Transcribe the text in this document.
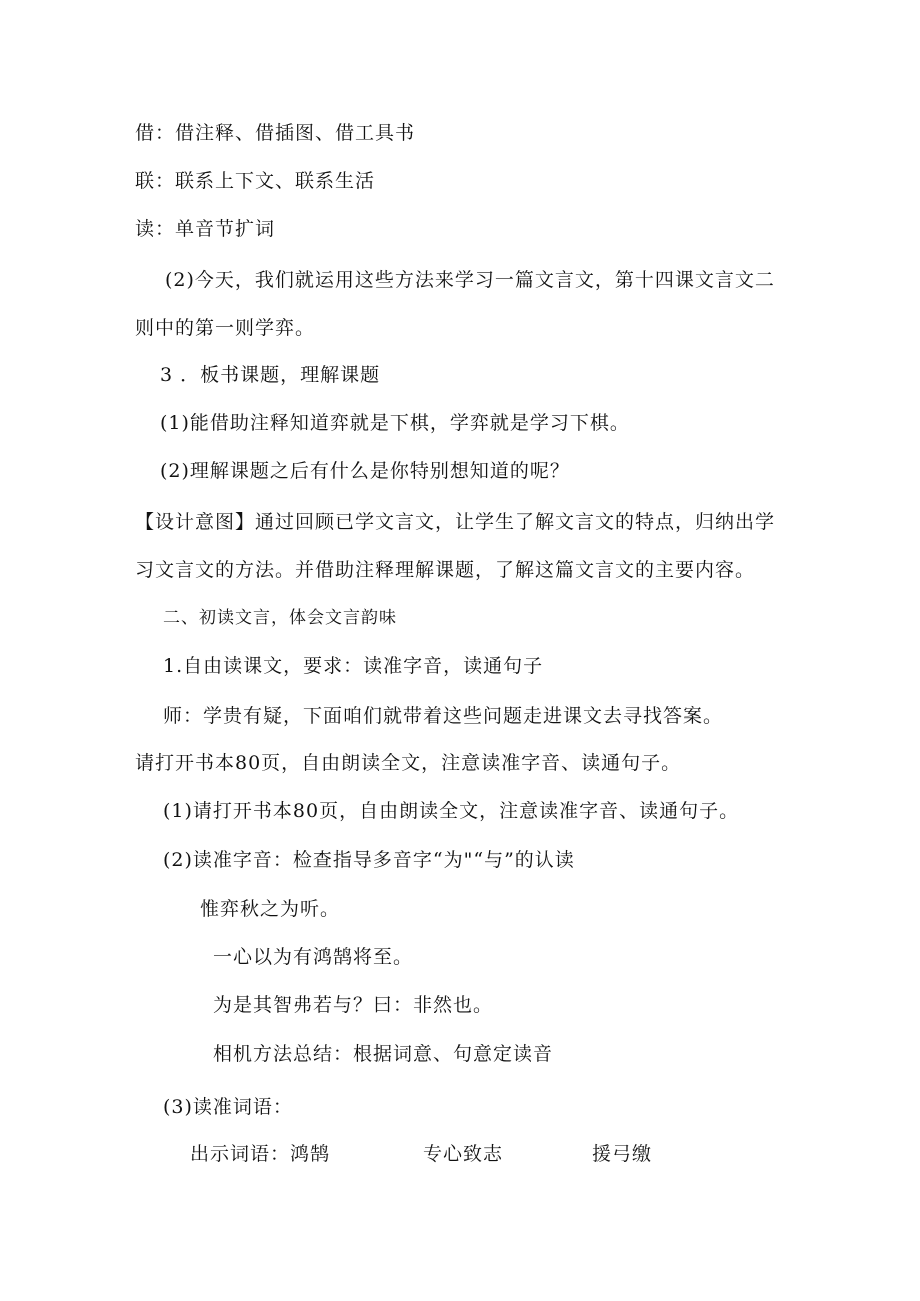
借：借注释、借插图、借工具书
联：联系上下文、联系生活
读：单音节扩词
(2)今天，我们就运用这些方法来学习一篇文言文，第十四课文言文二
则中的第一则学弈。
3 ．板书课题，理解课题
(1)能借助注释知道弈就是下棋，学弈就是学习下棋。
(2)理解课题之后有什么是你特别想知道的呢？
【设计意图】通过回顾已学文言文，让学生了解文言文的特点，归纳出学
习文言文的方法。并借助注释理解课题，了解这篇文言文的主要内容。
二、初读文言，体会文言韵味
1.自由读课文，要求：读准字音，读通句子
师：学贵有疑，下面咱们就带着这些问题走进课文去寻找答案。
请打开书本80页，自由朗读全文，注意读准字音、读通句子。
(1)请打开书本80页，自由朗读全文，注意读准字音、读通句子。
(2)读准字音：检查指导多音字“为"“与”的认读
惟弈秋之为听。
一心以为有鸿鹄将至。
为是其智弗若与？曰：非然也。
相机方法总结：根据词意、句意定读音
(3)读准词语：
出示词语：鸿鹄	专心致志	援弓缴
